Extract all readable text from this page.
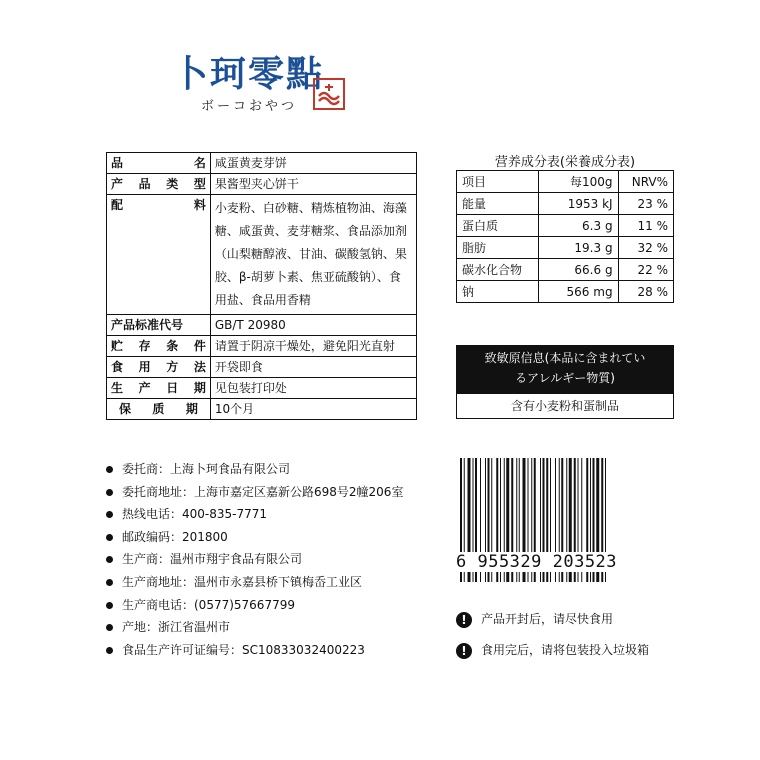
卜珂零點
ボーコおやつ
品　　名	咸蛋黄麦芽饼
产品类型	果酱型夹心饼干
配　　料	小麦粉、白砂糖、精炼植物油、海藻糖、咸蛋黄、麦芽糖浆、食品添加剂（山梨糖醇液、甘油、碳酸氢钠、果胶、β-胡萝卜素、焦亚硫酸钠）、食用盐、食品用香精
产品标准代号	GB/T 20980
贮存条件	请置于阴凉干燥处，避免阳光直射
食用方法	开袋即食
生产日期	见包装打印处
保质期	10个月
营养成分表(栄養成分表)
项目	每100g	NRV%
能量	1953 kJ	23 %
蛋白质	6.3 g	11 %
脂肪	19.3 g	32 %
碳水化合物	66.6 g	22 %
钠	566 mg	28 %
致敏原信息(本品に含まれてい
るアレルギー物質)
含有小麦粉和蛋制品
委托商：上海卜珂食品有限公司
委托商地址：上海市嘉定区嘉新公路698号2幢206室
热线电话：400-835-7771
邮政编码：201800
生产商：温州市翔宇食品有限公司
生产商地址：温州市永嘉县桥下镇梅岙工业区
生产商电话：(0577)57667799
产地：浙江省温州市
食品生产许可证编号：SC10833032400223
6 955329 203523
! 产品开封后，请尽快食用
! 食用完后，请将包装投入垃圾箱
